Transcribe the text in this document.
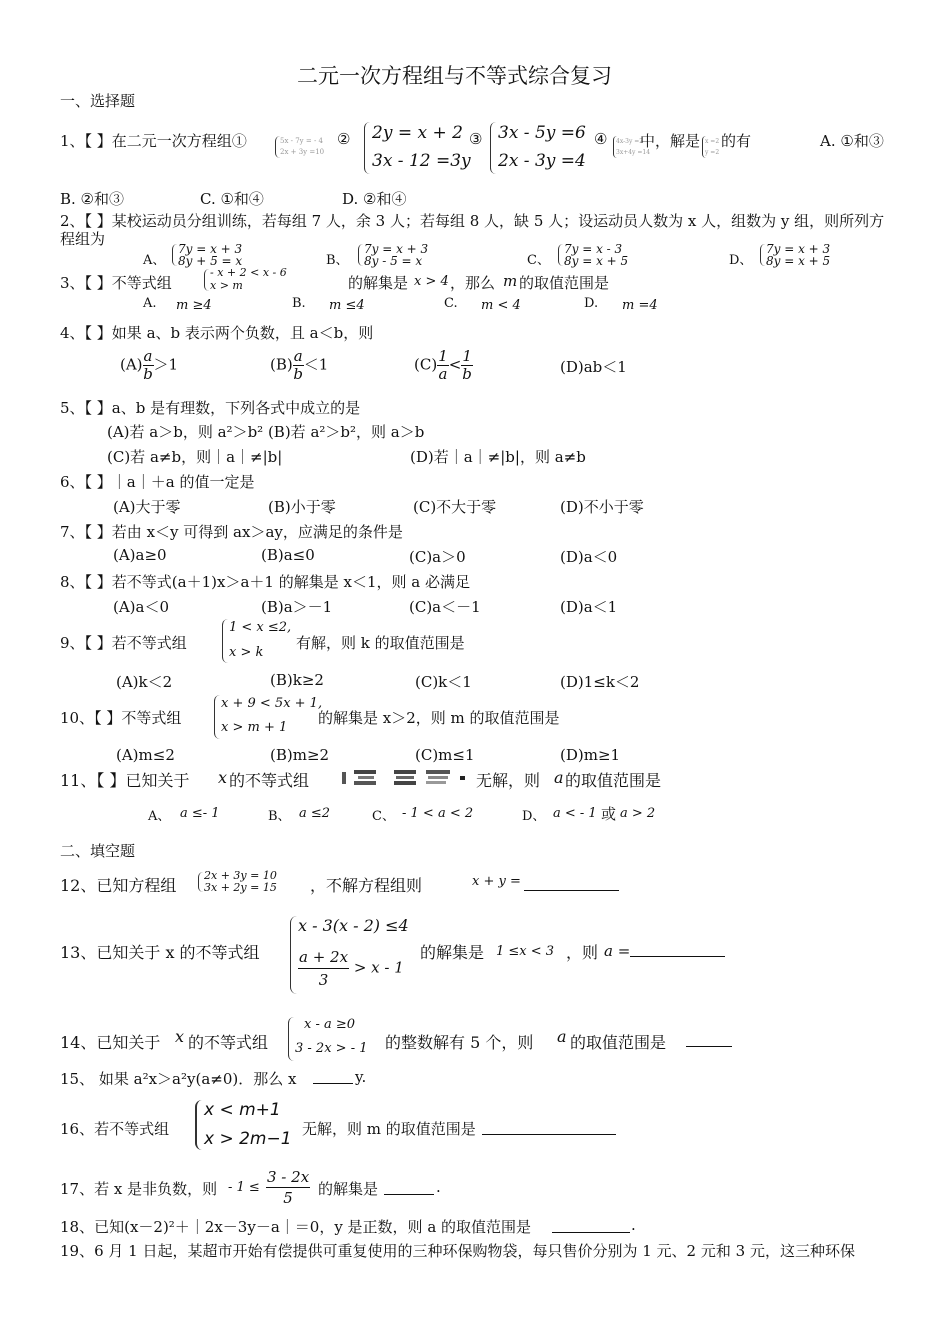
二元一次方程组与不等式综合复习
一、选择题
1、【 】在二元一次方程组①	5x - 7y = - 4
2x + 3y =10
② 2y = x + 2
3x - 12 =3y
③ 3x - 5y =6
2x - 3y =4
④ 4x-3y =2
3x+4y =14
中，解是 x =2
y =2
的有	A. ①和③
B. ②和③	C. ①和④	D. ②和④
2、【 】某校运动员分组训练，若每组 7 人，余 3 人；若每组 8 人，缺 5 人；设运动员人数为 x 人，组数为 y 组，则所列方
程组为
A、
7y = x + 3
8y + 5 = x	B、
7y = x + 3
8y - 5 = x	C、
7y = x - 3
8y = x + 5	D、
7y = x + 3
8y = x + 5
3、【 】不等式组
- x + 2 < x - 6
x > m	的解集是 x > 4 ，那么 m 的取值范围是
A. m ≥4	B. m ≤4	C. m < 4	D. m =4
4、【 】如果 a、b 表示两个负数，且 a＜b，则
$(A) \frac{a}{b} >1$	$(B) \frac{a}{b} <1$	$(C) \frac{1}{a} < \frac{1}{b}$	(D)ab＜1
5、【 】a、b 是有理数，下列各式中成立的是
(A)若 a＞b，则 a²＞b² (B)若 a²＞b²，则 a＞b
(C)若 a≠b，则｜a｜≠|b|	(D)若｜a｜≠|b|，则 a≠b
6、【 】｜a｜＋a 的值一定是
(A)大于零	(B)小于零	(C)不大于零	(D)不小于零
7、【 】若由 x＜y 可得到 ax＞ay，应满足的条件是
(A)a≥0	(B)a≤0	(C)a＞0	(D)a＜0
8、【 】若不等式(a＋1)x＞a＋1 的解集是 x＜1，则 a 必满足
(A)a＜0	(B)a＞－1	(C)a＜－1	(D)a＜1
9、【 】若不等式组
1 < x ≤2,
x > k
有解，则 k 的取值范围是
(A)k＜2	(B)k≥2	(C)k＜1	(D)1≤k＜2
10、【 】不等式组
x + 9 < 5x + 1,
x > m + 1
的解集是 x＞2，则 m 的取值范围是
(A)m≤2	(B)m≥2	(C)m≤1	(D)m≥1
11、【 】已知关于 x 的不等式组	无解，则 a 的取值范围是
A、 a ≤- 1	B、 a ≤2	C、 - 1 < a < 2	D、 a < - 1 或 a > 2
二、填空题
12、已知方程组
2x + 3y = 10
3x + 2y = 15 ，不解方程组则	x + y =
13、已知关于 x 的不等式组
x - 3(x - 2) ≤4
$\frac{a + 2x}{3} > x - 1$
的解集是 1 ≤x < 3 ，则 a =
14、已知关于 x 的不等式组
x - a ≥0
3 - 2x > - 1 的整数解有 5 个，则 a 的取值范围是
15、 如果 a²x＞a²y(a≠0)．那么 x	y.
16、若不等式组
x < m+1
x > 2m−1 无解，则 m 的取值范围是
17、若 x 是非负数，则 - $1 \le \frac{3 - 2x}{5}$ 的解集是	.
18、已知(x－2)²＋｜2x－3y－a｜＝0，y 是正数，则 a 的取值范围是	.
19、6 月 1 日起，某超市开始有偿提供可重复使用的三种环保购物袋，每只售价分别为 1 元、2 元和 3 元，这三种环保
